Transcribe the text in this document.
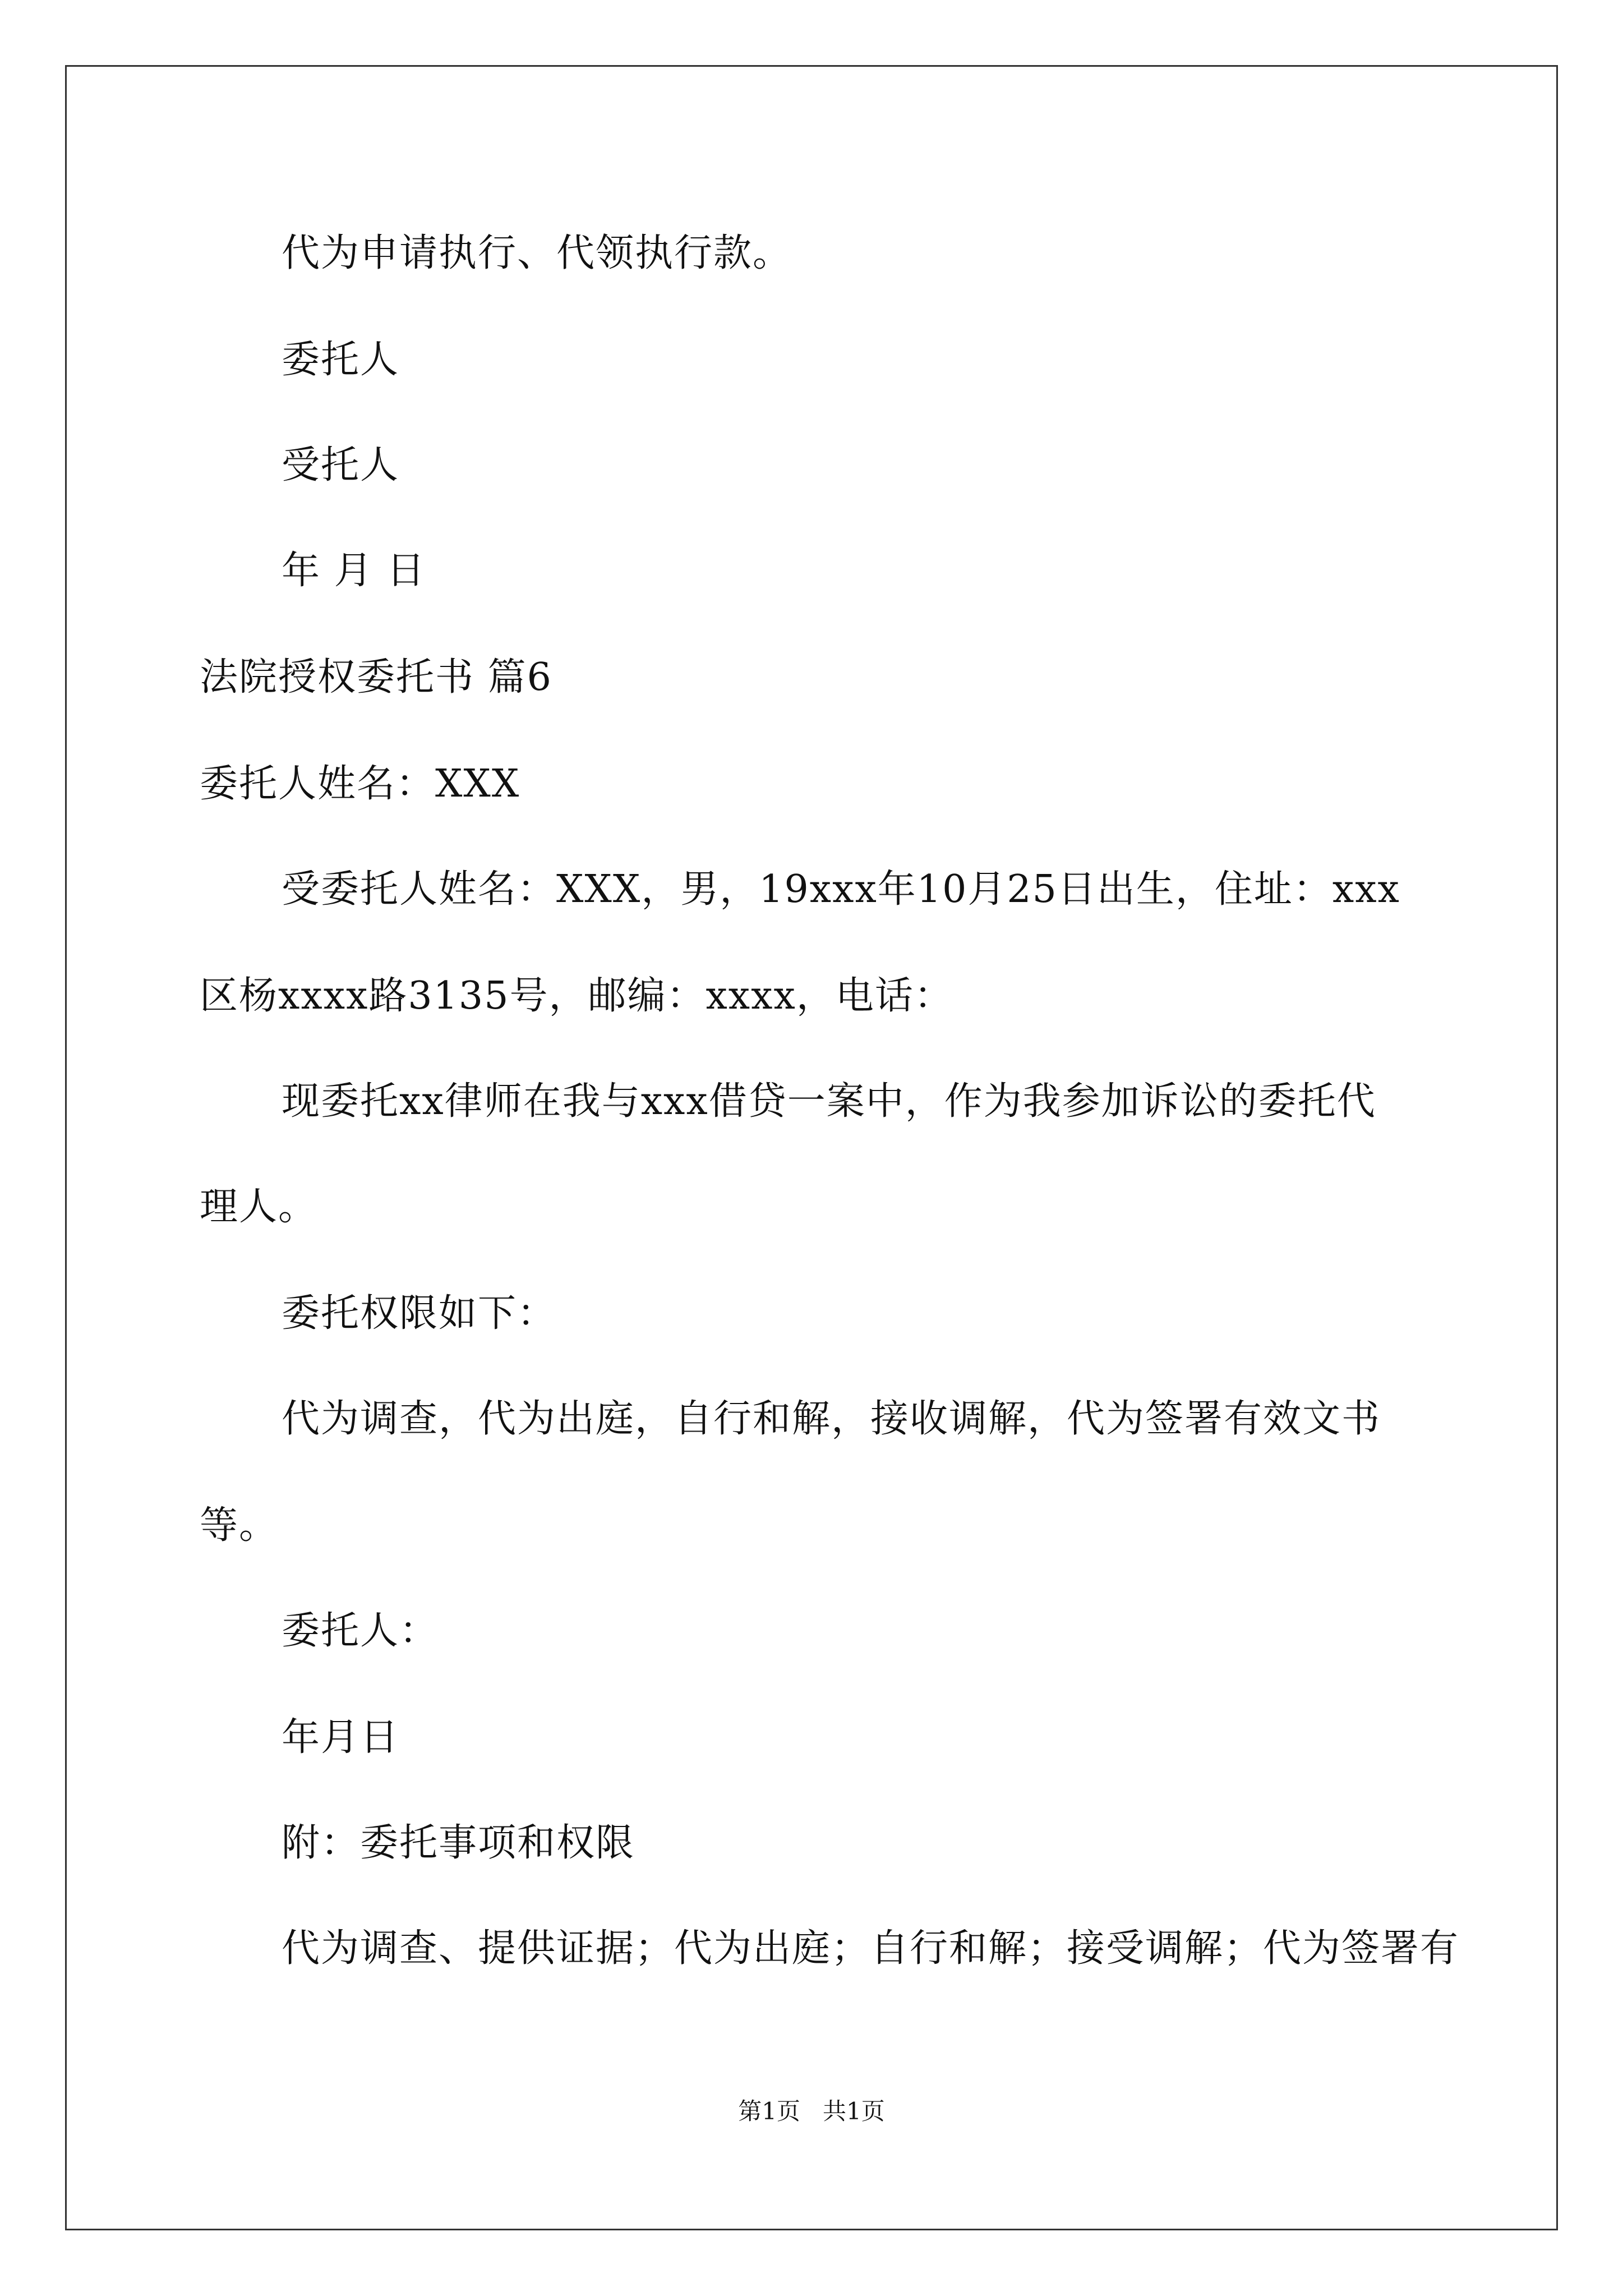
代为申请执行、代领执行款。
委托人
受托人
年 月 日
法院授权委托书 篇6
委托人姓名：XXX
受委托人姓名：XXX，男，19xxx年10月25日出生，住址：xxx
区杨xxxx路3135号，邮编：xxxx，电话：
现委托xx律师在我与xxx借贷一案中，作为我参加诉讼的委托代
理人。
委托权限如下：
代为调查，代为出庭，自行和解，接收调解，代为签署有效文书
等。
委托人：
年月日
附：委托事项和权限
代为调查、提供证据；代为出庭；自行和解；接受调解；代为签署有
第1页   共1页
